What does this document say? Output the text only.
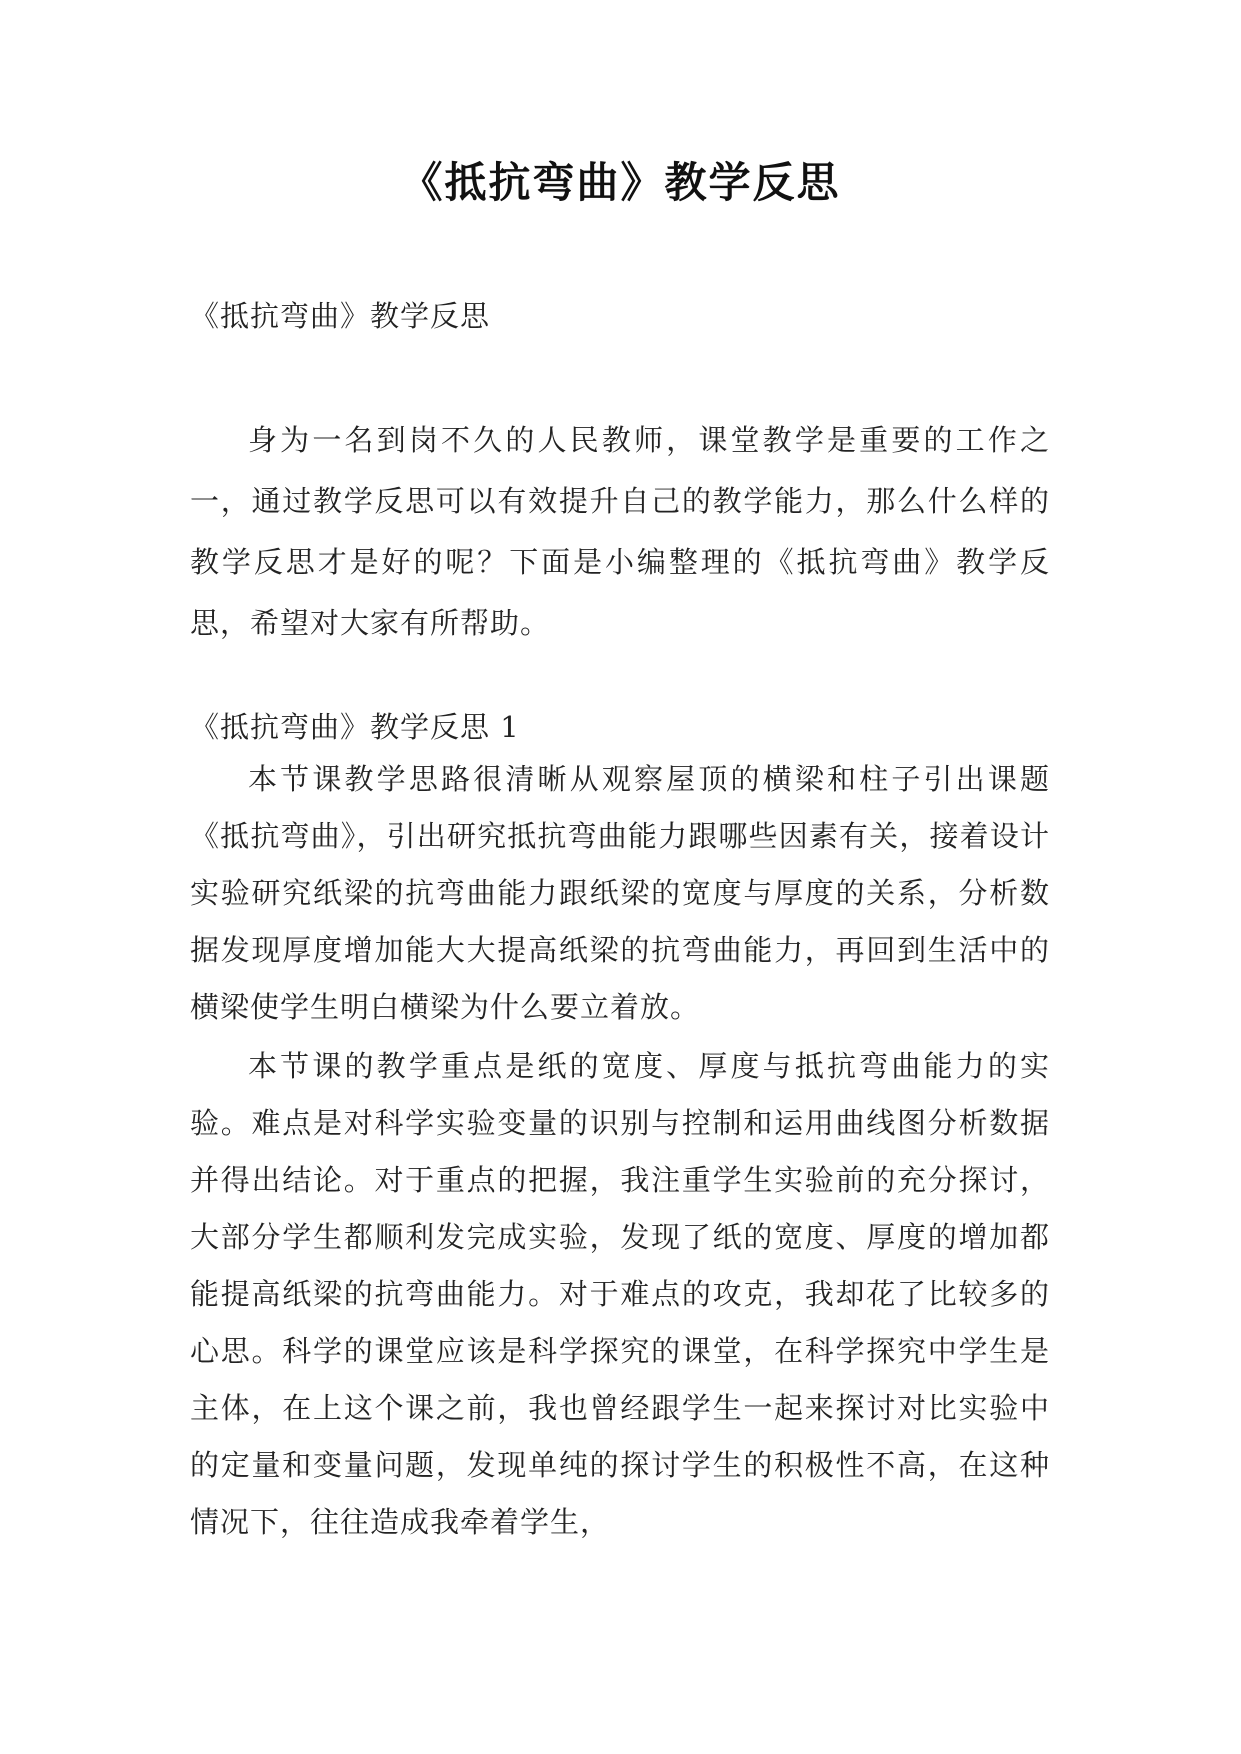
《抵抗弯曲》教学反思
《抵抗弯曲》教学反思
身为一名到岗不久的人民教师，课堂教学是重要的工作之一，通过教学反思可以有效提升自己的教学能力，那么什么样的教学反思才是好的呢？下面是小编整理的《抵抗弯曲》教学反思，希望对大家有所帮助。
《抵抗弯曲》教学反思 1
本节课教学思路很清晰从观察屋顶的横梁和柱子引出课题《抵抗弯曲》，引出研究抵抗弯曲能力跟哪些因素有关，接着设计实验研究纸梁的抗弯曲能力跟纸梁的宽度与厚度的关系，分析数据发现厚度增加能大大提高纸梁的抗弯曲能力，再回到生活中的横梁使学生明白横梁为什么要立着放。
本节课的教学重点是纸的宽度、厚度与抵抗弯曲能力的实验。难点是对科学实验变量的识别与控制和运用曲线图分析数据并得出结论。对于重点的把握，我注重学生实验前的充分探讨，大部分学生都顺利发完成实验，发现了纸的宽度、厚度的增加都能提高纸梁的抗弯曲能力。对于难点的攻克，我却花了比较多的心思。科学的课堂应该是科学探究的课堂，在科学探究中学生是主体，在上这个课之前，我也曾经跟学生一起来探讨对比实验中的定量和变量问题，发现单纯的探讨学生的积极性不高，在这种情况下，往往造成我牵着学生，
